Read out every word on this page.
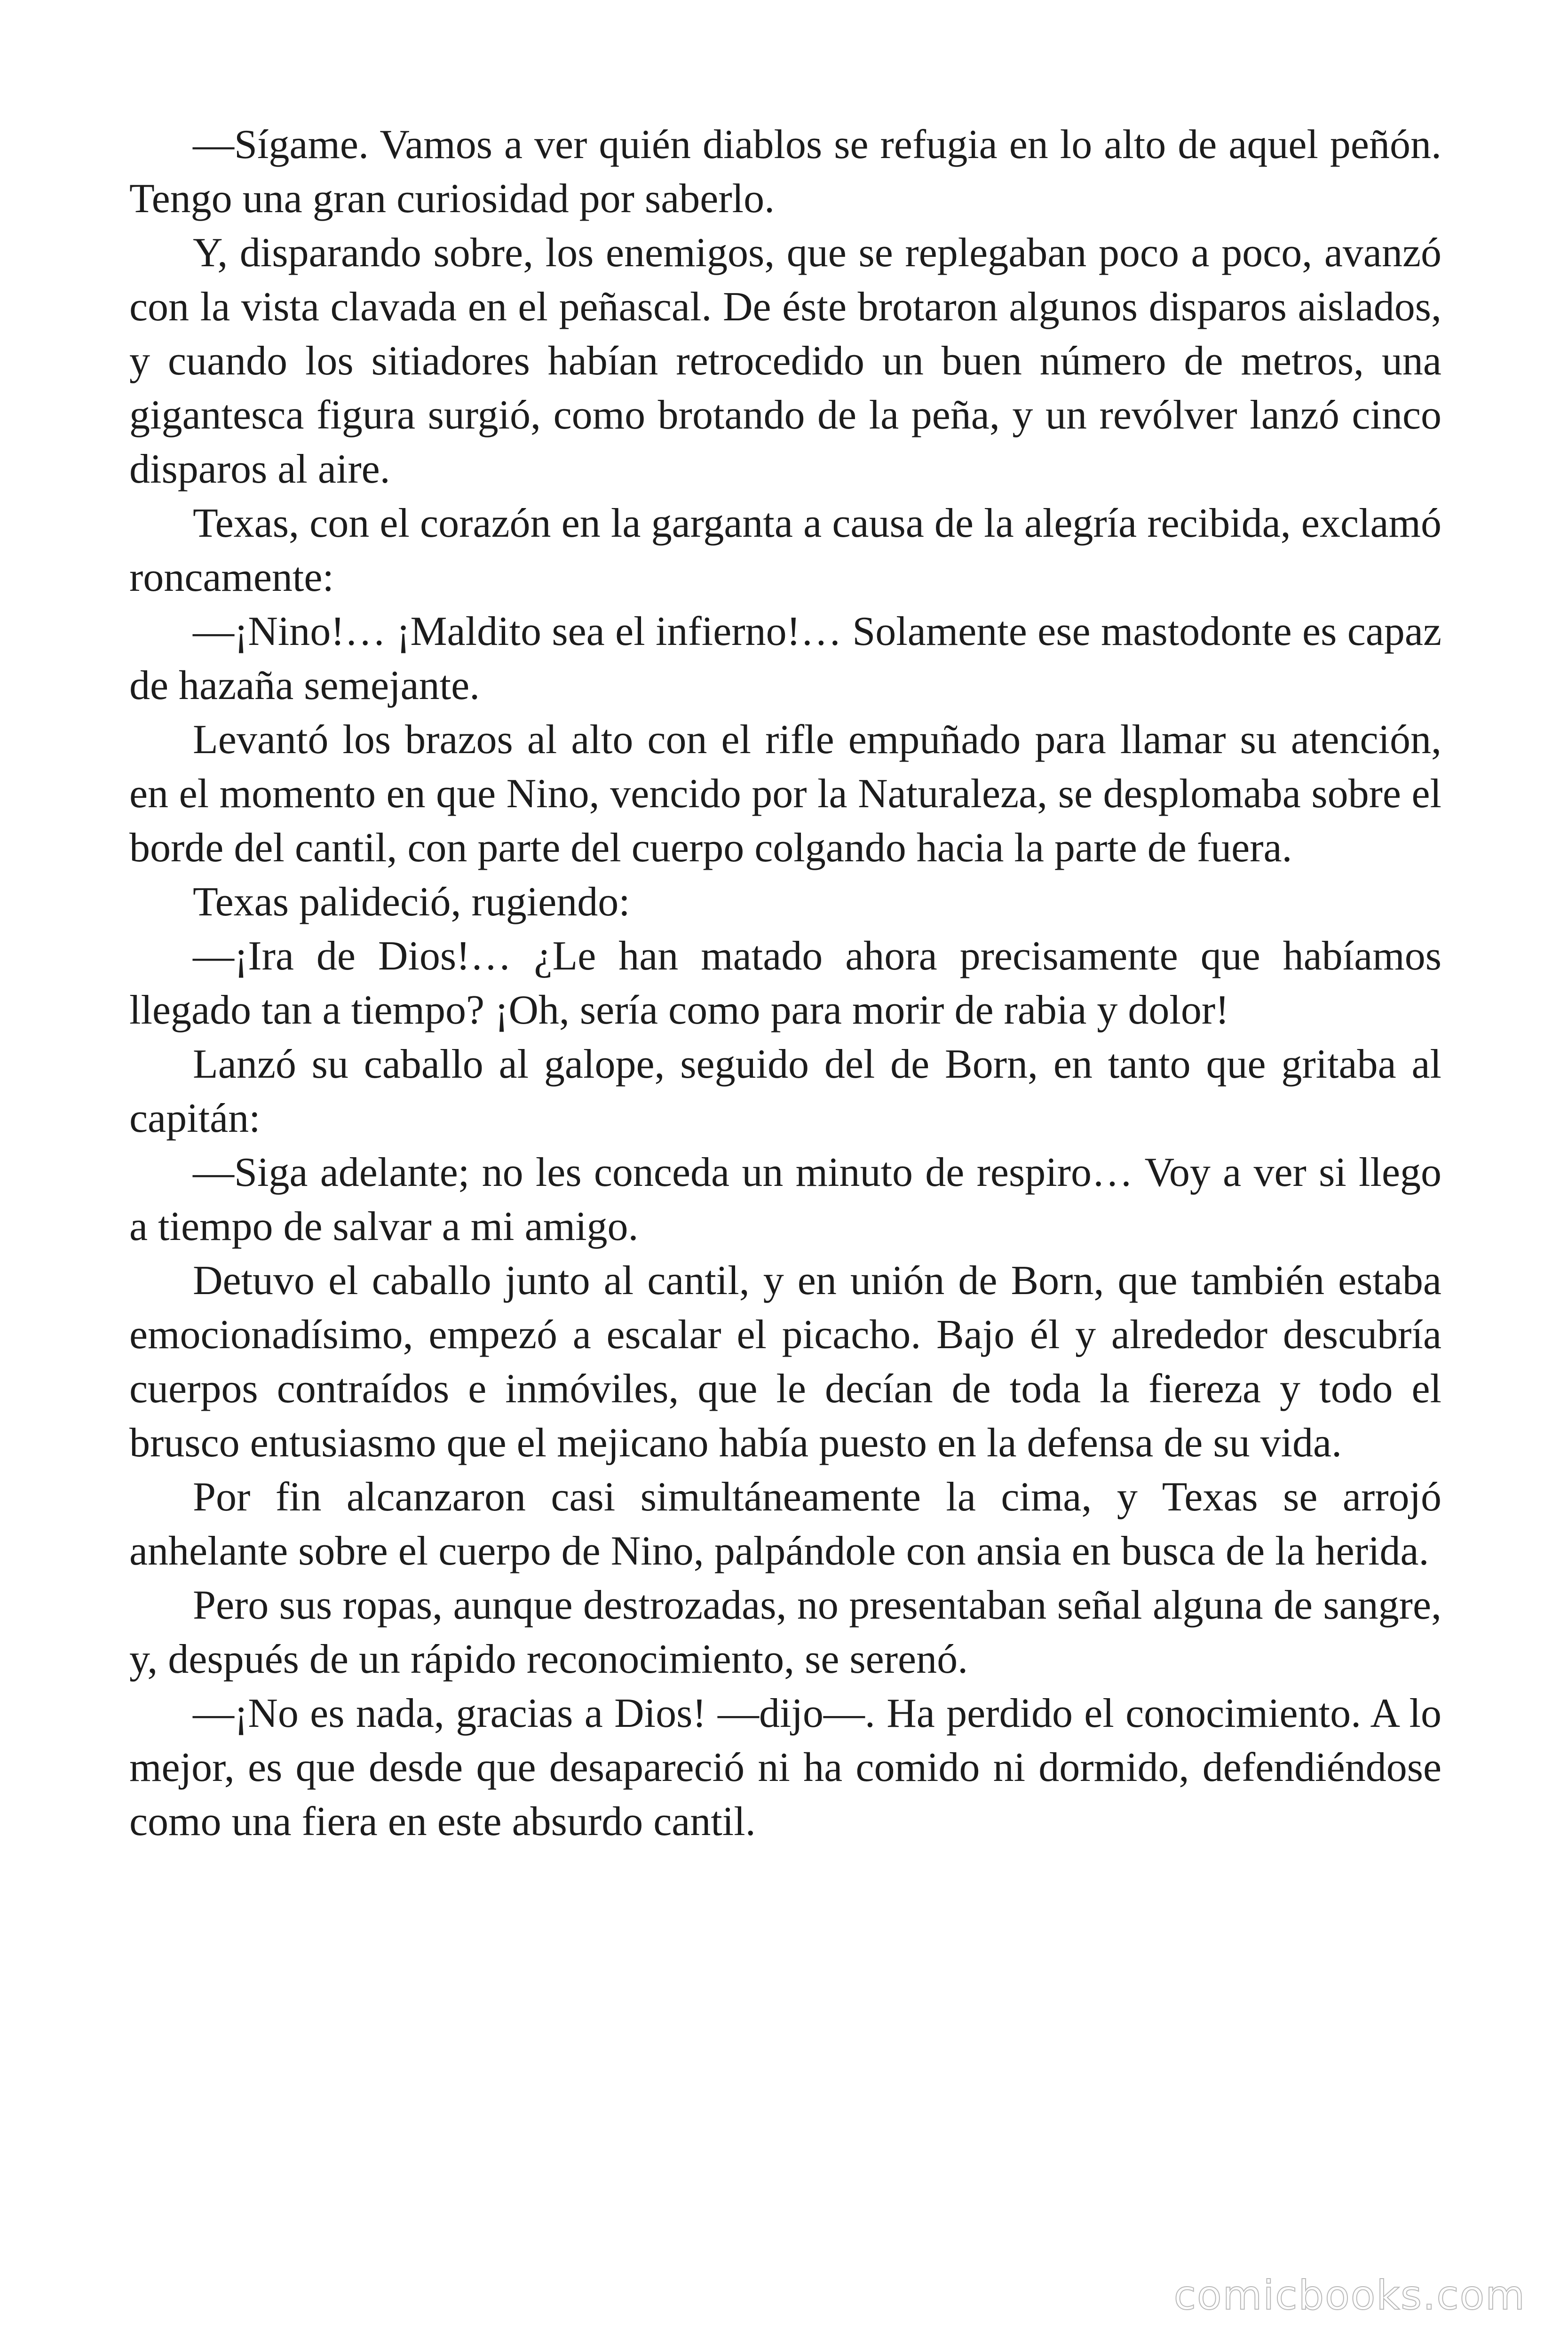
—Sígame. Vamos a ver quién diablos se refugia en lo alto de aquel peñón. Tengo una gran curiosidad por saberlo.

Y, disparando sobre, los enemigos, que se replegaban poco a poco, avanzó con la vista clavada en el peñascal. De éste brotaron algunos disparos aislados, y cuando los sitiadores habían retrocedido un buen número de metros, una gigantesca figura surgió, como brotando de la peña, y un revólver lanzó cinco disparos al aire.

Texas, con el corazón en la garganta a causa de la alegría recibida, exclamó roncamente:

—¡Nino!… ¡Maldito sea el infierno!… Solamente ese mastodonte es capaz de hazaña semejante.

Levantó los brazos al alto con el rifle empuñado para llamar su atención, en el momento en que Nino, vencido por la Naturaleza, se desplomaba sobre el borde del cantil, con parte del cuerpo colgando hacia la parte de fuera.

Texas palideció, rugiendo:

—¡Ira de Dios!… ¿Le han matado ahora precisamente que habíamos llegado tan a tiempo? ¡Oh, sería como para morir de rabia y dolor!

Lanzó su caballo al galope, seguido del de Born, en tanto que gritaba al capitán:

—Siga adelante; no les conceda un minuto de respiro… Voy a ver si llego a tiempo de salvar a mi amigo.

Detuvo el caballo junto al cantil, y en unión de Born, que también estaba emocionadísimo, empezó a escalar el picacho. Bajo él y alrededor descubría cuerpos contraídos e inmóviles, que le decían de toda la fiereza y todo el brusco entusiasmo que el mejicano había puesto en la defensa de su vida.

Por fin alcanzaron casi simultáneamente la cima, y Texas se arrojó anhelante sobre el cuerpo de Nino, palpándole con ansia en busca de la herida.

Pero sus ropas, aunque destrozadas, no presentaban señal alguna de sangre, y, después de un rápido reconocimiento, se serenó.

—¡No es nada, gracias a Dios! —dijo—. Ha perdido el conocimiento. A lo mejor, es que desde que desapareció ni ha comido ni dormido, defendiéndose como una fiera en este absurdo cantil.

comicbooks.com
